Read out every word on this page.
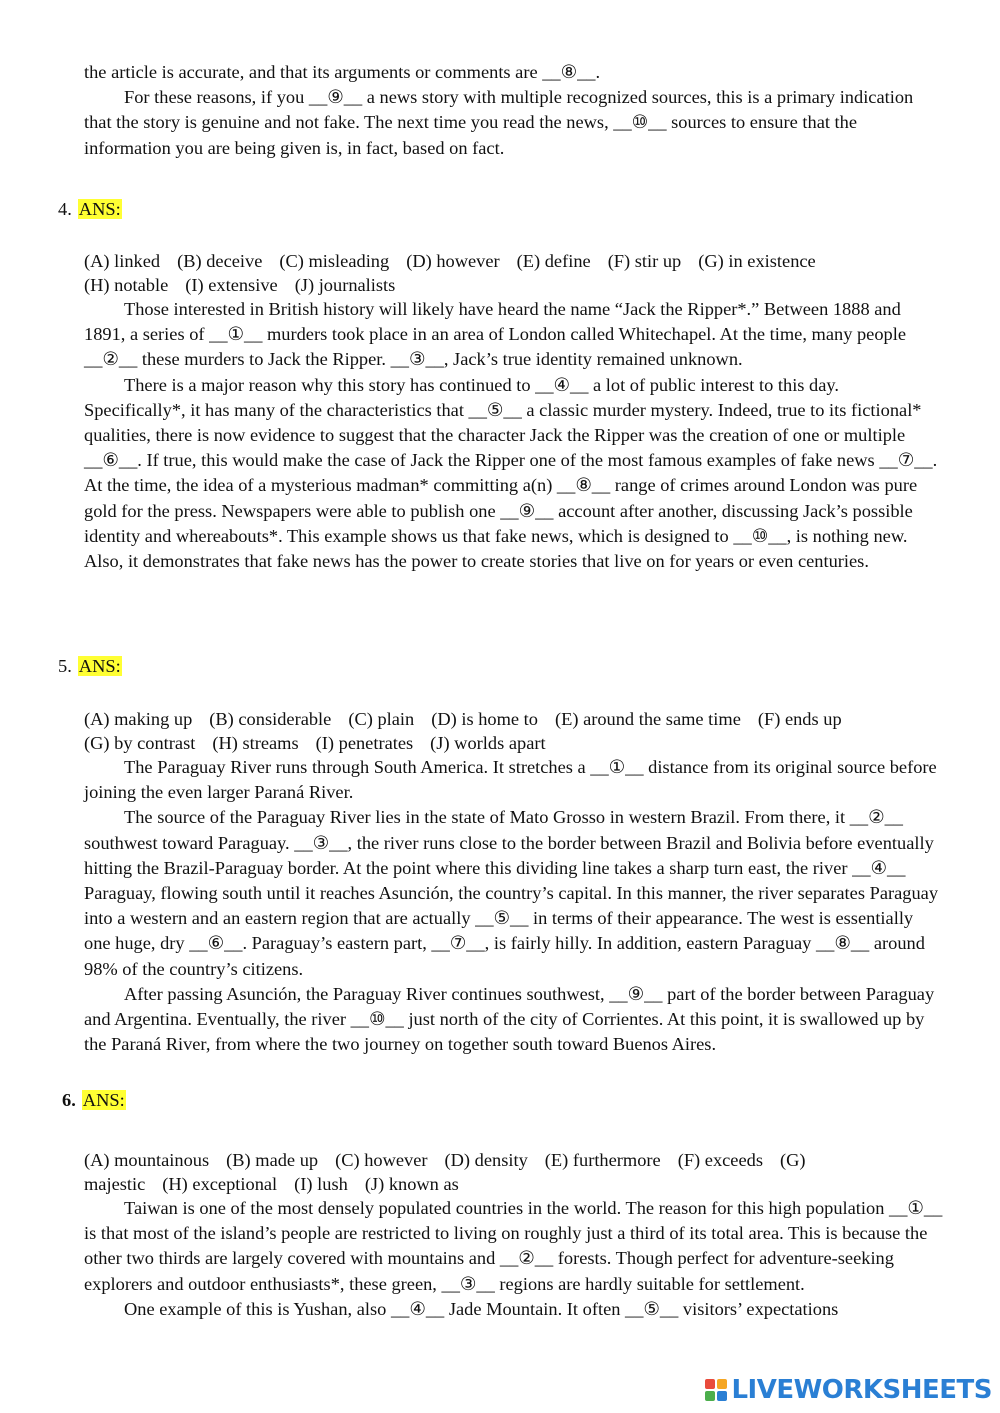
the article is accurate, and that its arguments or comments are __⑧__.

For these reasons, if you __⑨__ a news story with multiple recognized sources, this is a primary indication that the story is genuine and not fake. The next time you read the news, __⑩__ sources to ensure that the information you are being given is, in fact, based on fact.

4. ANS:

(A) linked (B) deceive (C) misleading (D) however (E) define (F) stir up (G) in existence

(H) notable (I) extensive (J) journalists

Those interested in British history will likely have heard the name “Jack the Ripper*.” Between 1888 and 1891, a series of __①__ murders took place in an area of London called Whitechapel. At the time, many people __②__ these murders to Jack the Ripper. __③__, Jack’s true identity remained unknown.

There is a major reason why this story has continued to __④__ a lot of public interest to this day. Specifically*, it has many of the characteristics that __⑤__ a classic murder mystery. Indeed, true to its fictional* qualities, there is now evidence to suggest that the character Jack the Ripper was the creation of one or multiple __⑥__. If true, this would make the case of Jack the Ripper one of the most famous examples of fake news __⑦__. At the time, the idea of a mysterious madman* committing a(n) __⑧__ range of crimes around London was pure gold for the press. Newspapers were able to publish one __⑨__ account after another, discussing Jack’s possible identity and whereabouts*. This example shows us that fake news, which is designed to __⑩__, is nothing new. Also, it demonstrates that fake news has the power to create stories that live on for years or even centuries.

5. ANS:

(A) making up (B) considerable (C) plain (D) is home to (E) around the same time (F) ends up

(G) by contrast (H) streams (I) penetrates (J) worlds apart

The Paraguay River runs through South America. It stretches a __①__ distance from its original source before joining the even larger Paraná River.

The source of the Paraguay River lies in the state of Mato Grosso in western Brazil. From there, it __②__ southwest toward Paraguay. __③__, the river runs close to the border between Brazil and Bolivia before eventually hitting the Brazil-Paraguay border. At the point where this dividing line takes a sharp turn east, the river __④__ Paraguay, flowing south until it reaches Asunción, the country’s capital. In this manner, the river separates Paraguay into a western and an eastern region that are actually __⑤__ in terms of their appearance. The west is essentially one huge, dry __⑥__. Paraguay’s eastern part, __⑦__, is fairly hilly. In addition, eastern Paraguay __⑧__ around 98% of the country’s citizens.

After passing Asunción, the Paraguay River continues southwest, __⑨__ part of the border between Paraguay and Argentina. Eventually, the river __⑩__ just north of the city of Corrientes. At this point, it is swallowed up by the Paraná River, from where the two journey on together south toward Buenos Aires.

6. ANS:

(A) mountainous (B) made up (C) however (D) density (E) furthermore (F) exceeds (G)

majestic (H) exceptional (I) lush (J) known as

Taiwan is one of the most densely populated countries in the world. The reason for this high population __①__ is that most of the island’s people are restricted to living on roughly just a third of its total area. This is because the other two thirds are largely covered with mountains and __②__ forests. Though perfect for adventure-seeking explorers and outdoor enthusiasts*, these green, __③__ regions are hardly suitable for settlement.

One example of this is Yushan, also __④__ Jade Mountain. It often __⑤__ visitors’ expectations

LIVEWORKSHEETS
